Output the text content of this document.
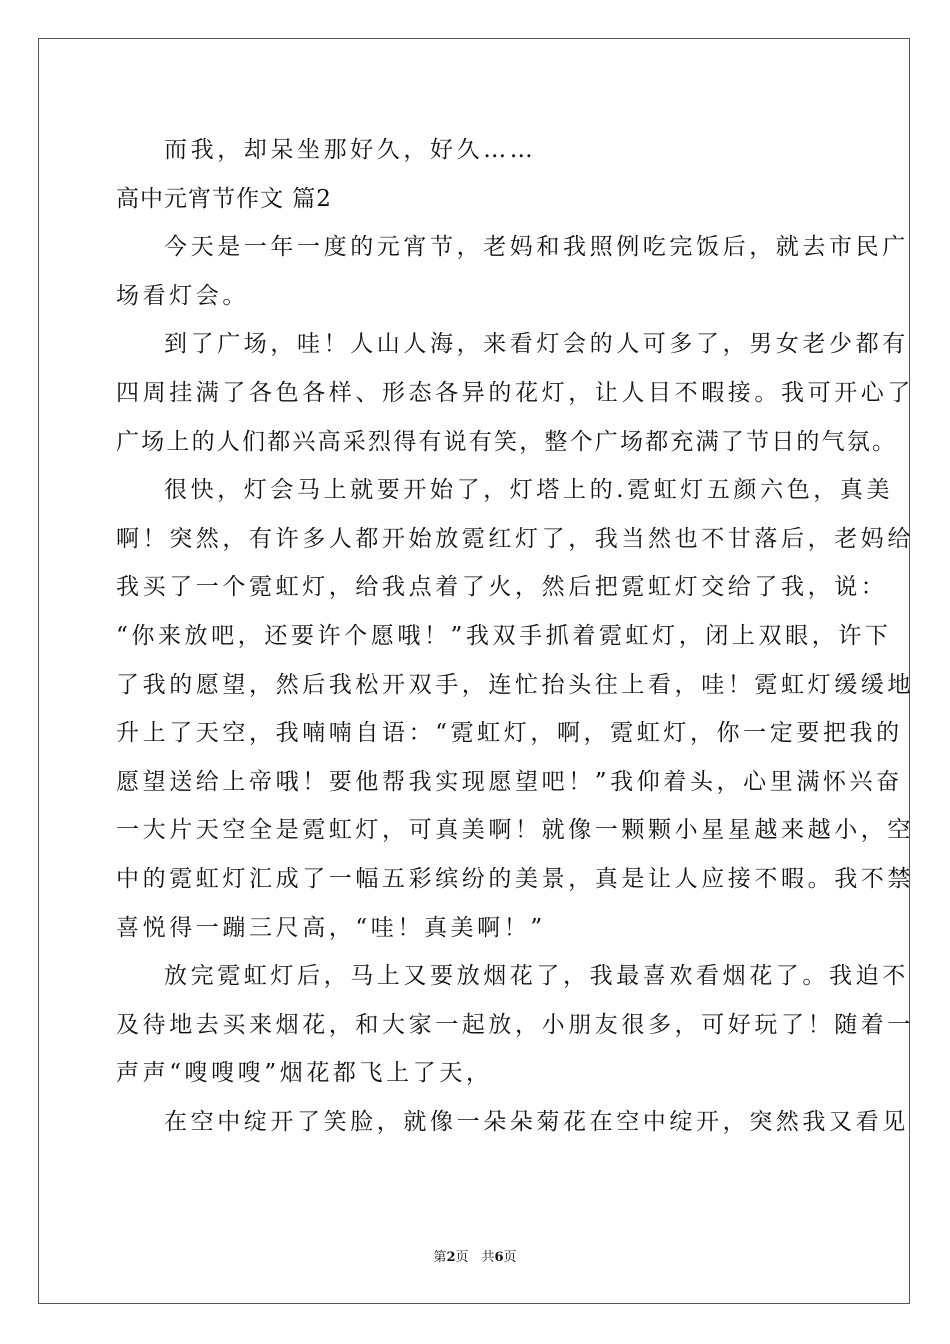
而我，却呆坐那好久，好久……
高中元宵节作文 篇2
今天是一年一度的元宵节，老妈和我照例吃完饭后，就去市民广
场看灯会。
到了广场，哇！人山人海，来看灯会的人可多了，男女老少都有
四周挂满了各色各样、形态各异的花灯，让人目不暇接。我可开心了
广场上的人们都兴高采烈得有说有笑，整个广场都充满了节日的气氛。
很快，灯会马上就要开始了，灯塔上的.霓虹灯五颜六色，真美
啊！突然，有许多人都开始放霓红灯了，我当然也不甘落后，老妈给
我买了一个霓虹灯，给我点着了火，然后把霓虹灯交给了我，说：
“你来放吧，还要许个愿哦！”我双手抓着霓虹灯，闭上双眼，许下
了我的愿望，然后我松开双手，连忙抬头往上看，哇！霓虹灯缓缓地
升上了天空，我喃喃自语：“霓虹灯，啊，霓虹灯，你一定要把我的
愿望送给上帝哦！要他帮我实现愿望吧！”我仰着头，心里满怀兴奋
一大片天空全是霓虹灯，可真美啊！就像一颗颗小星星越来越小，空
中的霓虹灯汇成了一幅五彩缤纷的美景，真是让人应接不暇。我不禁
喜悦得一蹦三尺高，“哇！真美啊！”
放完霓虹灯后，马上又要放烟花了，我最喜欢看烟花了。我迫不
及待地去买来烟花，和大家一起放，小朋友很多，可好玩了！随着一
声声“嗖嗖嗖”烟花都飞上了天，
在空中绽开了笑脸，就像一朵朵菊花在空中绽开，突然我又看见
第2页　共6页
